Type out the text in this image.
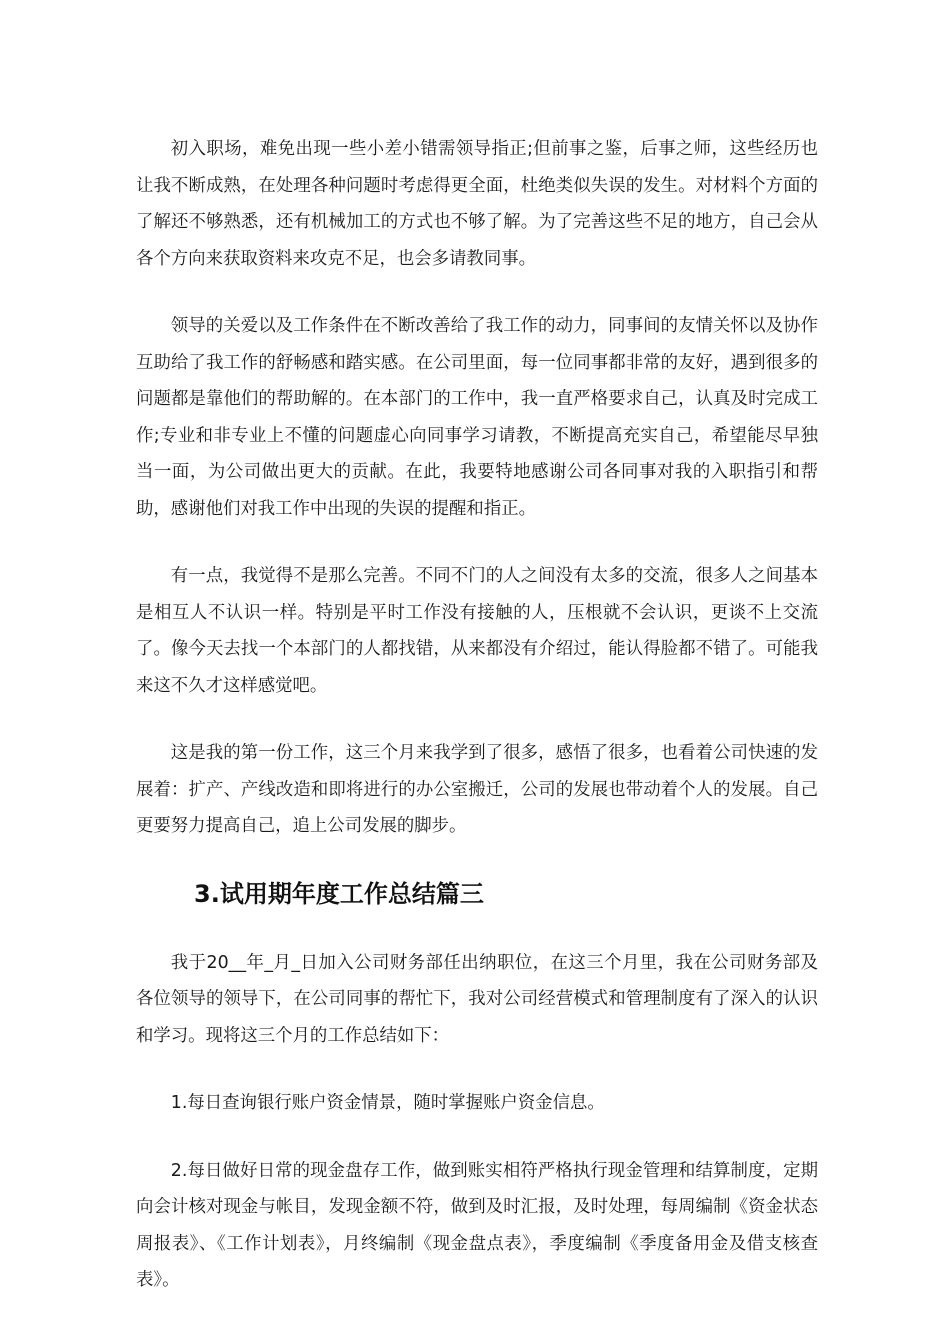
初入职场，难免出现一些小差小错需领导指正;但前事之鉴，后事之师，这些经历也让我不断成熟，在处理各种问题时考虑得更全面，杜绝类似失误的发生。对材料个方面的了解还不够熟悉，还有机械加工的方式也不够了解。为了完善这些不足的地方，自己会从各个方向来获取资料来攻克不足，也会多请教同事。

领导的关爱以及工作条件在不断改善给了我工作的动力，同事间的友情关怀以及协作互助给了我工作的舒畅感和踏实感。在公司里面，每一位同事都非常的友好，遇到很多的问题都是靠他们的帮助解的。在本部门的工作中，我一直严格要求自己，认真及时完成工作;专业和非专业上不懂的问题虚心向同事学习请教，不断提高充实自己，希望能尽早独当一面，为公司做出更大的贡献。在此，我要特地感谢公司各同事对我的入职指引和帮助，感谢他们对我工作中出现的失误的提醒和指正。

有一点，我觉得不是那么完善。不同不门的人之间没有太多的交流，很多人之间基本是相互人不认识一样。特别是平时工作没有接触的人，压根就不会认识，更谈不上交流了。像今天去找一个本部门的人都找错，从来都没有介绍过，能认得脸都不错了。可能我来这不久才这样感觉吧。

这是我的第一份工作，这三个月来我学到了很多，感悟了很多，也看着公司快速的发展着：扩产、产线改造和即将进行的办公室搬迁，公司的发展也带动着个人的发展。自己更要努力提高自己，追上公司发展的脚步。

3.试用期年度工作总结篇三

我于20__年_月_日加入公司财务部任出纳职位，在这三个月里，我在公司财务部及各位领导的领导下，在公司同事的帮忙下，我对公司经营模式和管理制度有了深入的认识和学习。现将这三个月的工作总结如下：

1.每日查询银行账户资金情景，随时掌握账户资金信息。

2.每日做好日常的现金盘存工作，做到账实相符严格执行现金管理和结算制度，定期向会计核对现金与帐目，发现金额不符，做到及时汇报，及时处理，每周编制《资金状态周报表》、《工作计划表》，月终编制《现金盘点表》，季度编制《季度备用金及借支核查表》。
